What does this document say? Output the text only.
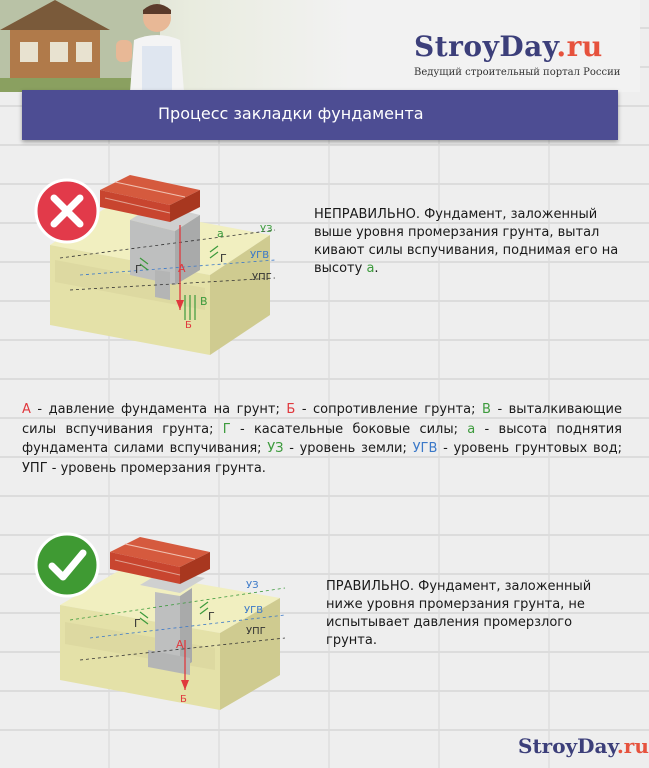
StroyDay.ru
Ведущий строительный портал России
Процесс закладки фундамента
А
Б
В
Г
Г
а	УЗ
УГВ
УПГ
НЕПРАВИЛЬНО. Фундамент, заложенный выше уровня промерзания грунта, вытал кивают силы вспучивания, поднимая его на высоту а.
А - давление фундамента на грунт; Б - сопротивление грунта; В - выталкивающие силы вспучивания грунта; Г - касательные боковые силы; а - высота поднятия фундамента силами вспучивания; УЗ - уровень земли; УГВ - уровень грунтовых вод; УПГ - уровень промерзания грунта.
А
Б
Г
Г
УЗ
УГВ
УПГ
ПРАВИЛЬНО. Фундамент, заложенный ниже уровня промерзания грунта, не испытывает давления промерзлого грунта.
StroyDay.ru
